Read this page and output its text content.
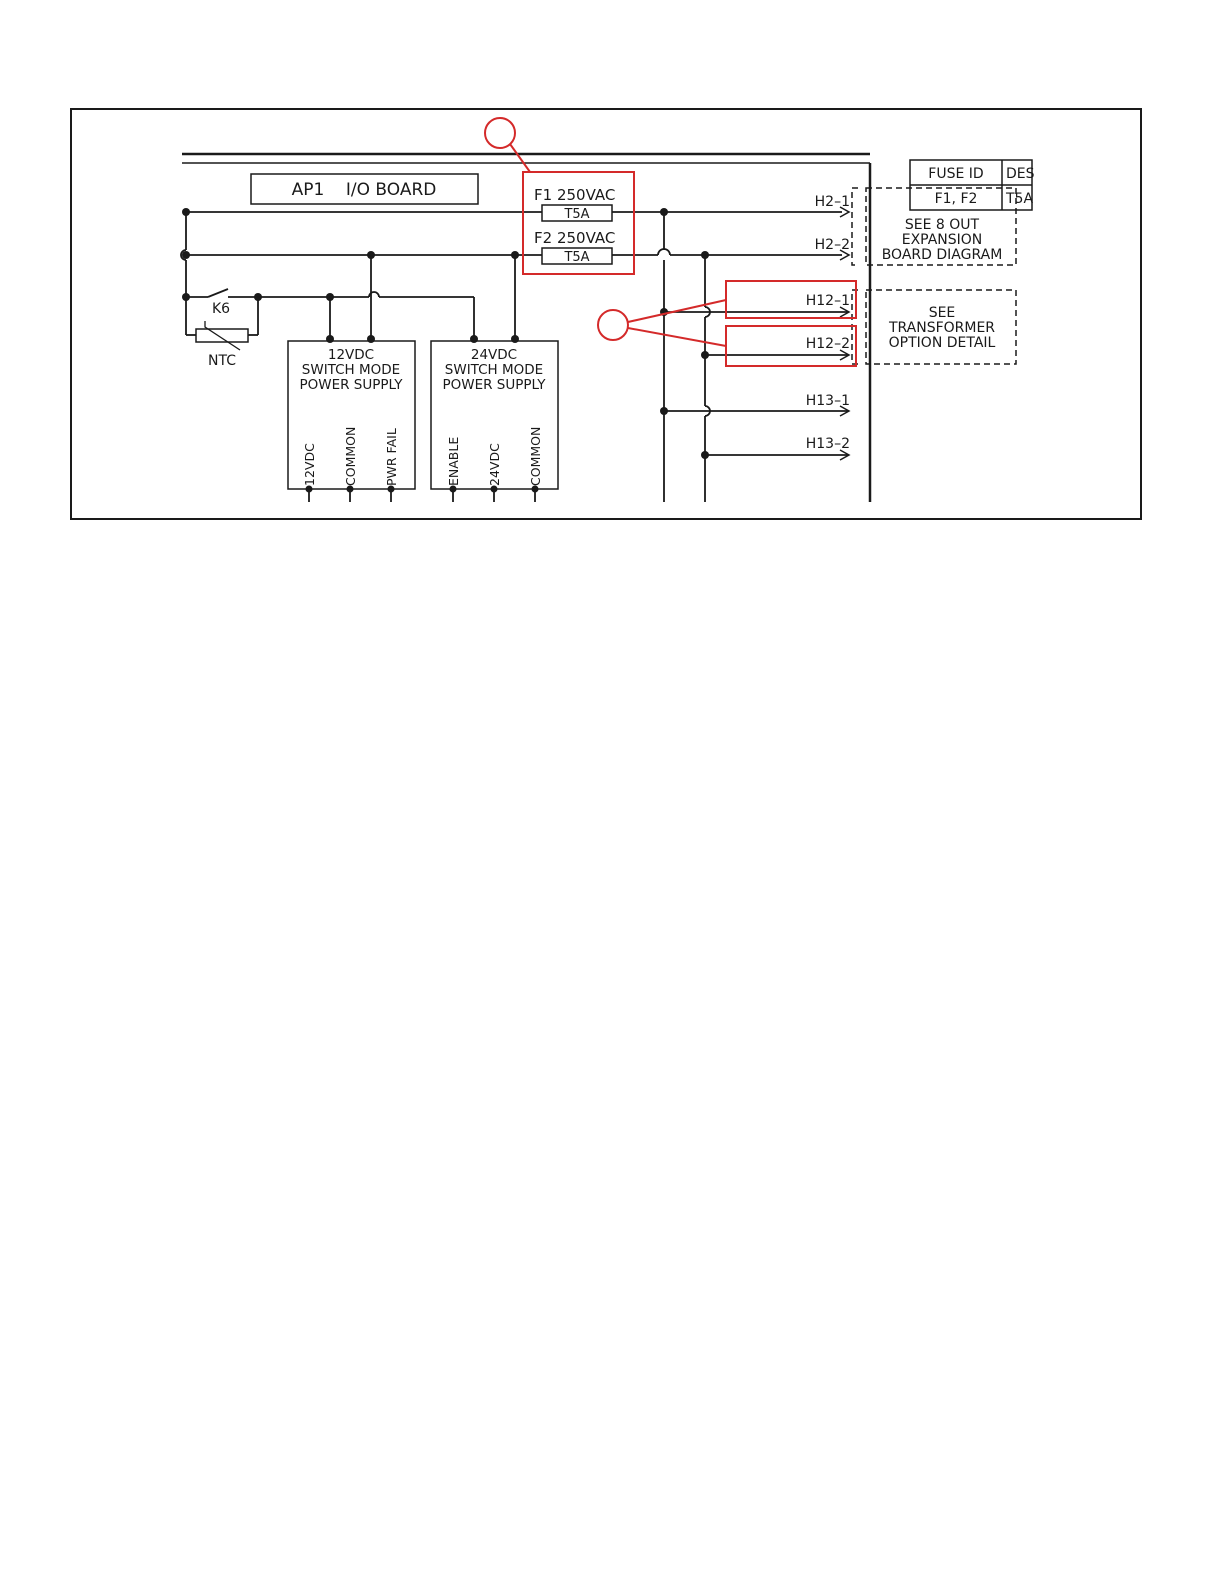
AP1    I/O BOARD
FUSE ID DES
F1, F2 T5A
K6
NTC
F1 250VAC
T5A
F2 250VAC
T5A
12VDC
SWITCH MODE
POWER SUPPLY
12VDC COMMON PWR FAIL
24VDC
SWITCH MODE
POWER SUPPLY
ENABLE 24VDC COMMON
H2–1
H2–2
H12–1
H12–2
H13–1
H13–2
SEE 8 OUT
EXPANSION
BOARD DIAGRAM
SEE
TRANSFORMER
OPTION DETAIL
